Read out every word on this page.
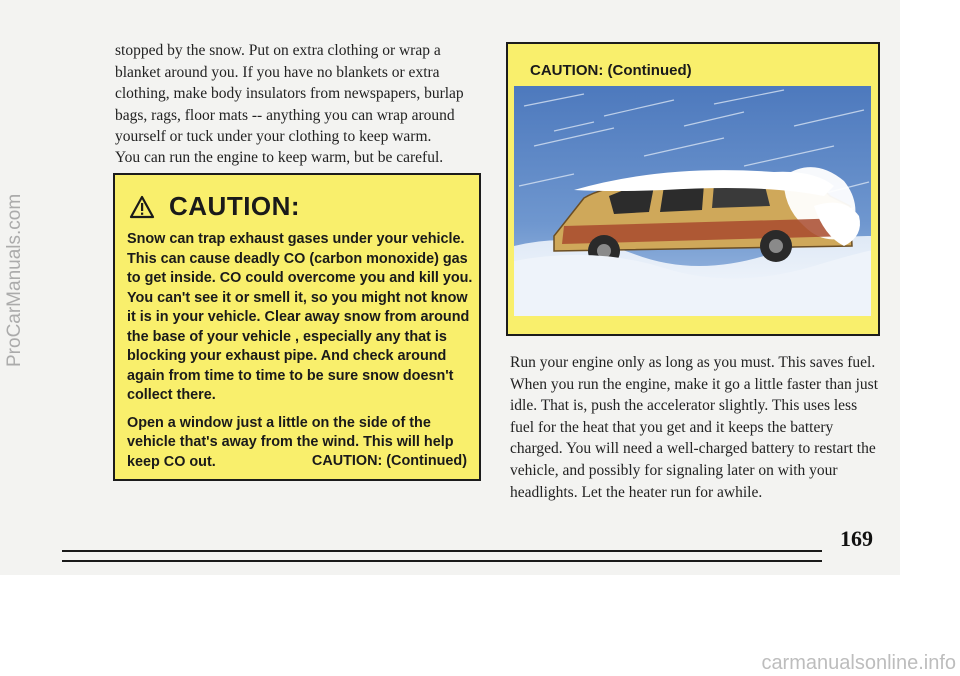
stopped by the snow. Put on extra clothing or wrap a blanket around you. If you have no blankets or extra clothing, make body insulators from newspapers, burlap bags, rags, floor mats -- anything you can wrap around yourself or tuck under your clothing to keep warm.

You can run the engine to keep warm, but be careful.

CAUTION:

Snow can trap exhaust gases under your vehicle. This can cause deadly CO (carbon monoxide) gas to get inside. CO could overcome you and kill you. You can't see it or smell it, so you might not know it is in your vehicle. Clear away snow from around the base of your vehicle , especially any that is blocking your exhaust pipe. And check around again from time to time to be sure snow doesn't collect there.

Open a window just a little on the side of the vehicle that's away from the wind. This will help keep CO out.	CAUTION: (Continued)
CAUTION: (Continued)

Run your engine only as long as you must. This saves fuel. When you run the engine, make it go a little faster than just idle. That is, push the accelerator slightly. This uses less fuel for the heat that you get and it keeps the battery charged. You will need a well-charged battery to restart the vehicle, and possibly for signaling later on with your headlights. Let the heater run for awhile.

169
ProCarManuals.com
carmanualsonline.info
